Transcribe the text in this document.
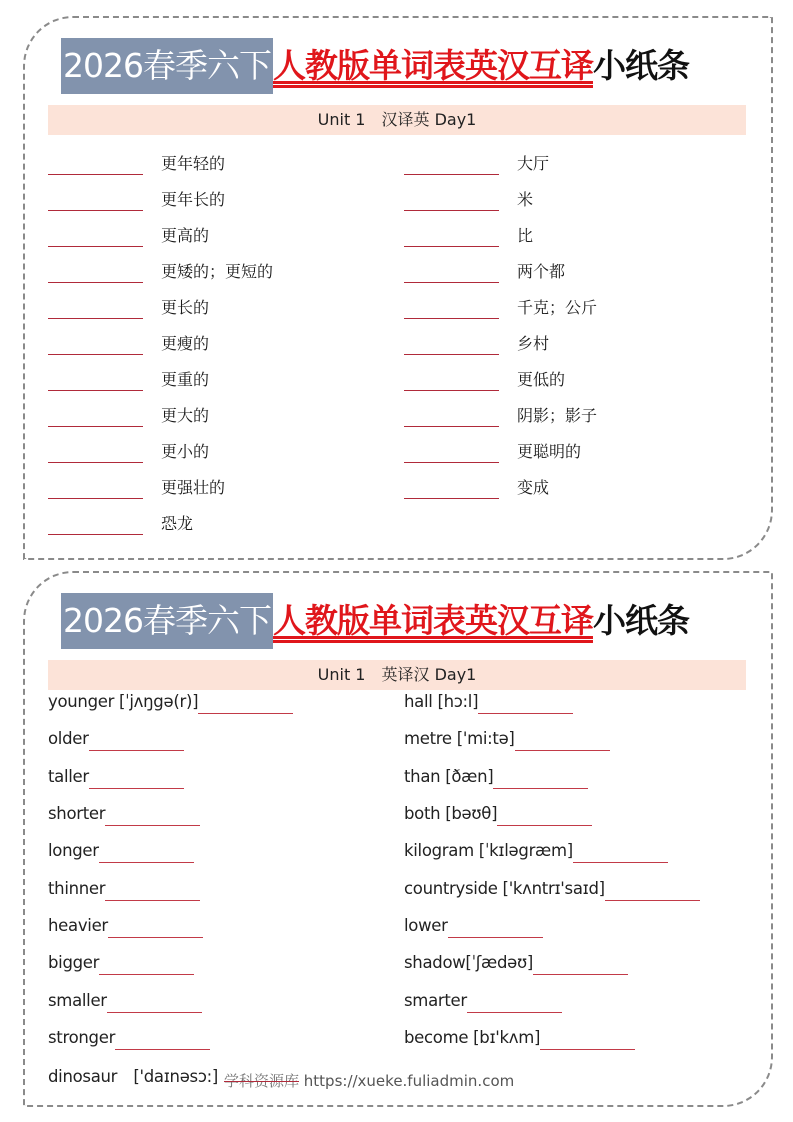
2026春季六下 人教版单词表英汉互译 小纸条
Unit 1　汉译英 Day1
更年轻的
更年长的
更高的
更矮的；更短的
更长的
更瘦的
更重的
更大的
更小的
更强壮的
恐龙
大厅
米
比
两个都
千克；公斤
乡村
更低的
阴影；影子
更聪明的
变成
2026春季六下 人教版单词表英汉互译 小纸条
Unit 1　英译汉 Day1
younger [ˈjʌŋgə(r)]
older
taller
shorter
longer
thinner
heavier
bigger
smaller
stronger
dinosaur　['daɪnəsɔ:]
hall [hɔ:l]
metre ['mi:tə]
than [ðæn]
both [bəʊθ]
kilogram [ˈkɪləgræm]
countryside ['kʌntrɪ'saɪd]
lower
shadow[ˈʃædəʊ]
smarter
become [bɪ'kʌm]
学科资源库 https://xueke.fuliadmin.com
